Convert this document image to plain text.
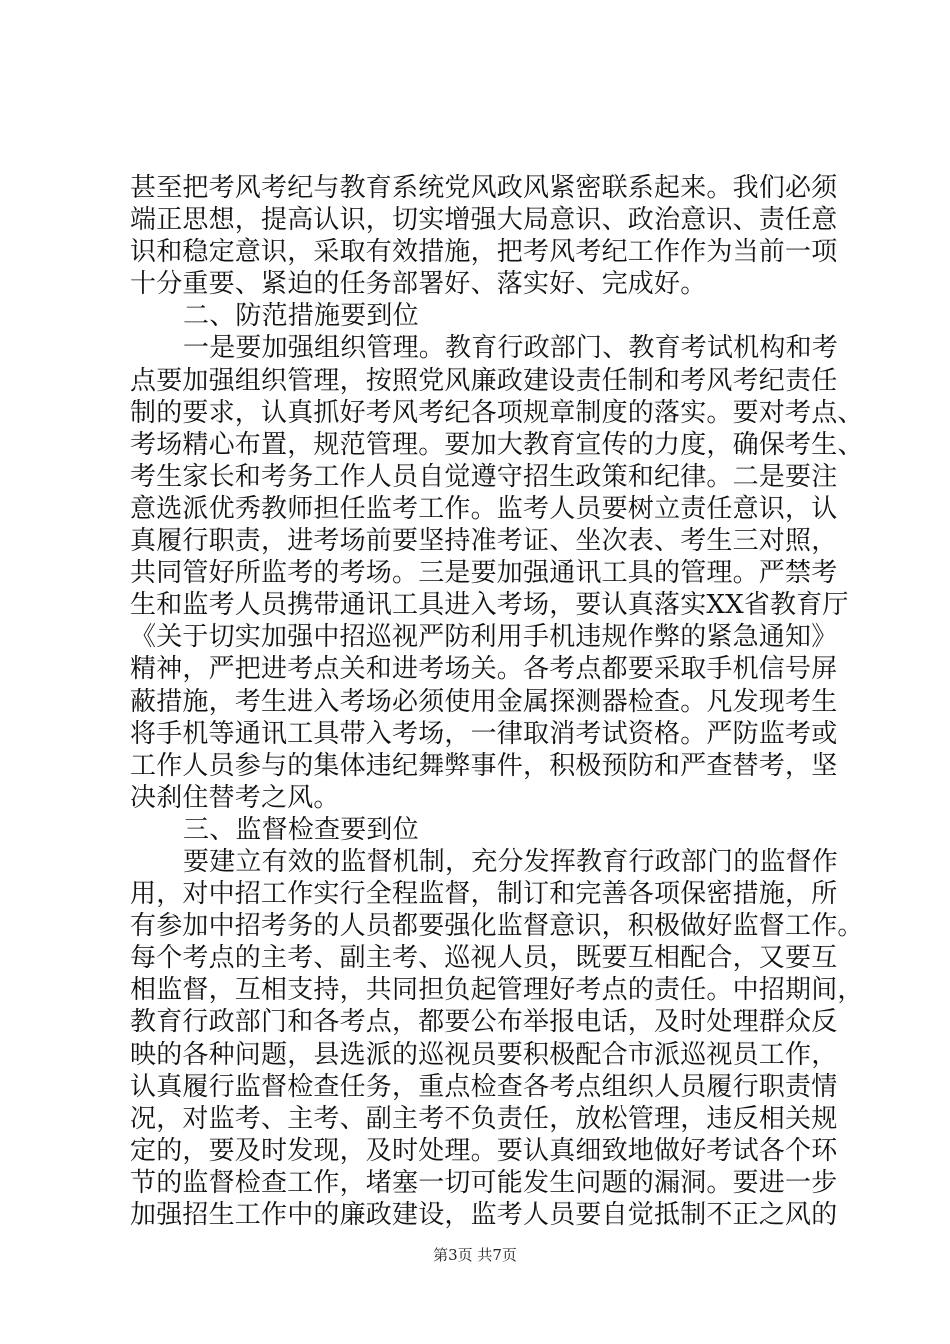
甚至把考风考纪与教育系统党风政风紧密联系起来。我们必须
端正思想，提高认识，切实增强大局意识、政治意识、责任意
识和稳定意识，采取有效措施，把考风考纪工作作为当前一项
十分重要、紧迫的任务部署好、落实好、完成好。
二、防范措施要到位
一是要加强组织管理。教育行政部门、教育考试机构和考
点要加强组织管理，按照党风廉政建设责任制和考风考纪责任
制的要求，认真抓好考风考纪各项规章制度的落实。要对考点、
考场精心布置，规范管理。要加大教育宣传的力度，确保考生、
考生家长和考务工作人员自觉遵守招生政策和纪律。二是要注
意选派优秀教师担任监考工作。监考人员要树立责任意识，认
真履行职责，进考场前要坚持准考证、坐次表、考生三对照，
共同管好所监考的考场。三是要加强通讯工具的管理。严禁考
生和监考人员携带通讯工具进入考场，要认真落实XX省教育厅
《关于切实加强中招巡视严防利用手机违规作弊的紧急通知》
精神，严把进考点关和进考场关。各考点都要采取手机信号屏
蔽措施，考生进入考场必须使用金属探测器检查。凡发现考生
将手机等通讯工具带入考场，一律取消考试资格。严防监考或
工作人员参与的集体违纪舞弊事件，积极预防和严查替考，坚
决刹住替考之风。
三、监督检查要到位
要建立有效的监督机制，充分发挥教育行政部门的监督作
用，对中招工作实行全程监督，制订和完善各项保密措施，所
有参加中招考务的人员都要强化监督意识，积极做好监督工作。
每个考点的主考、副主考、巡视人员，既要互相配合，又要互
相监督，互相支持，共同担负起管理好考点的责任。中招期间，
教育行政部门和各考点，都要公布举报电话，及时处理群众反
映的各种问题，县选派的巡视员要积极配合市派巡视员工作，
认真履行监督检查任务，重点检查各考点组织人员履行职责情
况，对监考、主考、副主考不负责任，放松管理，违反相关规
定的，要及时发现，及时处理。要认真细致地做好考试各个环
节的监督检查工作，堵塞一切可能发生问题的漏洞。要进一步
加强招生工作中的廉政建设，监考人员要自觉抵制不正之风的
第3页 共7页
